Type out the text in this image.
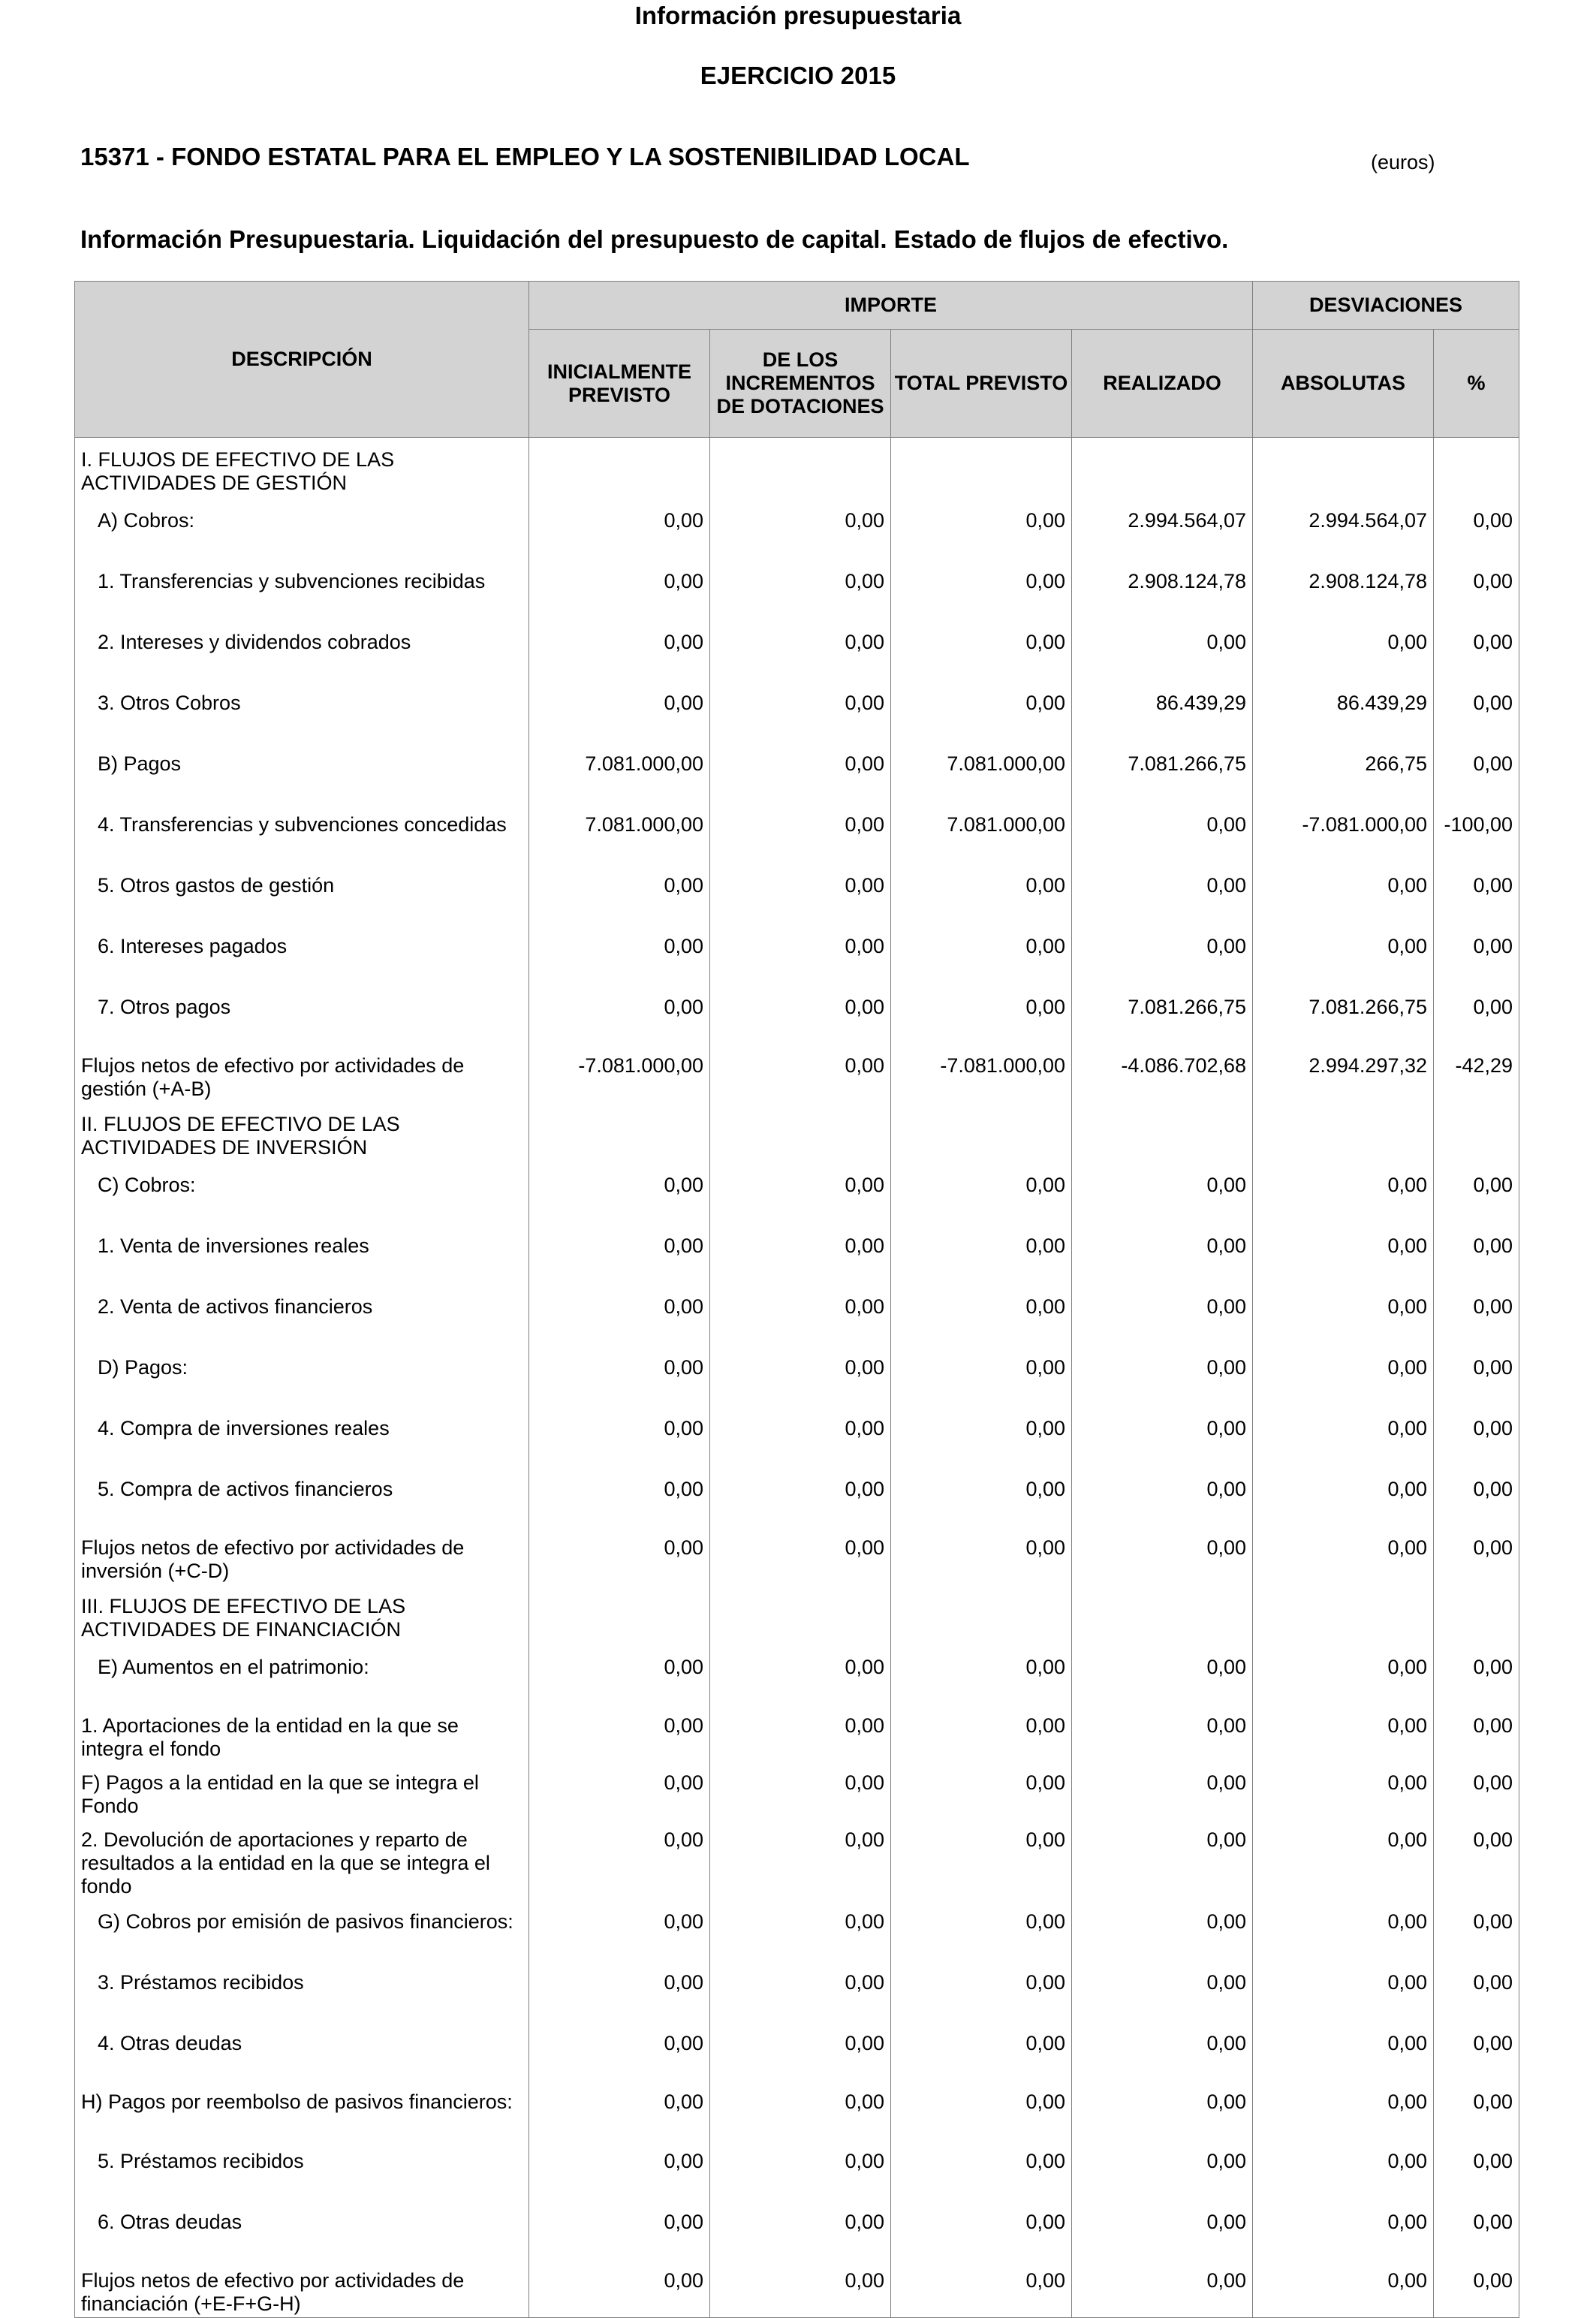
Información presupuestaria
EJERCICIO 2015
15371 - FONDO ESTATAL PARA EL EMPLEO Y LA SOSTENIBILIDAD LOCAL	(euros)
Información Presupuestaria. Liquidación del presupuesto de capital. Estado de flujos de efectivo.
DESCRIPCIÓN	IMPORTE				DESVIACIONES	
	INICIALMENTE PREVISTO	DE LOS INCREMENTOS DE DOTACIONES	TOTAL PREVISTO	REALIZADO	ABSOLUTAS	%
I. FLUJOS DE EFECTIVO DE LAS ACTIVIDADES DE GESTIÓN						
A) Cobros:	0,00	0,00	0,00	2.994.564,07	2.994.564,07	0,00
1. Transferencias y subvenciones recibidas	0,00	0,00	0,00	2.908.124,78	2.908.124,78	0,00
2. Intereses y dividendos cobrados	0,00	0,00	0,00	0,00	0,00	0,00
3. Otros Cobros	0,00	0,00	0,00	86.439,29	86.439,29	0,00
B) Pagos	7.081.000,00	0,00	7.081.000,00	7.081.266,75	266,75	0,00
4. Transferencias y subvenciones concedidas	7.081.000,00	0,00	7.081.000,00	0,00	-7.081.000,00	-100,00
5. Otros gastos de gestión	0,00	0,00	0,00	0,00	0,00	0,00
6. Intereses pagados	0,00	0,00	0,00	0,00	0,00	0,00
7. Otros pagos	0,00	0,00	0,00	7.081.266,75	7.081.266,75	0,00
Flujos netos de efectivo por actividades de gestión (+A-B)	-7.081.000,00	0,00	-7.081.000,00	-4.086.702,68	2.994.297,32	-42,29
II. FLUJOS DE EFECTIVO DE LAS ACTIVIDADES DE INVERSIÓN						
C) Cobros:	0,00	0,00	0,00	0,00	0,00	0,00
1. Venta de inversiones reales	0,00	0,00	0,00	0,00	0,00	0,00
2. Venta de activos financieros	0,00	0,00	0,00	0,00	0,00	0,00
D) Pagos:	0,00	0,00	0,00	0,00	0,00	0,00
4. Compra de inversiones reales	0,00	0,00	0,00	0,00	0,00	0,00
5. Compra de activos financieros	0,00	0,00	0,00	0,00	0,00	0,00
Flujos netos de efectivo por actividades de inversión (+C-D)	0,00	0,00	0,00	0,00	0,00	0,00
III. FLUJOS DE EFECTIVO DE LAS ACTIVIDADES DE FINANCIACIÓN						
E) Aumentos en el patrimonio:	0,00	0,00	0,00	0,00	0,00	0,00
1. Aportaciones de la entidad en la que se integra el fondo	0,00	0,00	0,00	0,00	0,00	0,00
F) Pagos a la entidad en la que se integra el Fondo	0,00	0,00	0,00	0,00	0,00	0,00
2. Devolución de aportaciones y reparto de resultados a la entidad en la que se integra el fondo	0,00	0,00	0,00	0,00	0,00	0,00
G) Cobros por emisión de pasivos financieros:	0,00	0,00	0,00	0,00	0,00	0,00
3. Préstamos recibidos	0,00	0,00	0,00	0,00	0,00	0,00
4. Otras deudas	0,00	0,00	0,00	0,00	0,00	0,00
H) Pagos por reembolso de pasivos financieros:	0,00	0,00	0,00	0,00	0,00	0,00
5. Préstamos recibidos	0,00	0,00	0,00	0,00	0,00	0,00
6. Otras deudas	0,00	0,00	0,00	0,00	0,00	0,00
Flujos netos de efectivo por actividades de financiación (+E-F+G-H)	0,00	0,00	0,00	0,00	0,00	0,00
